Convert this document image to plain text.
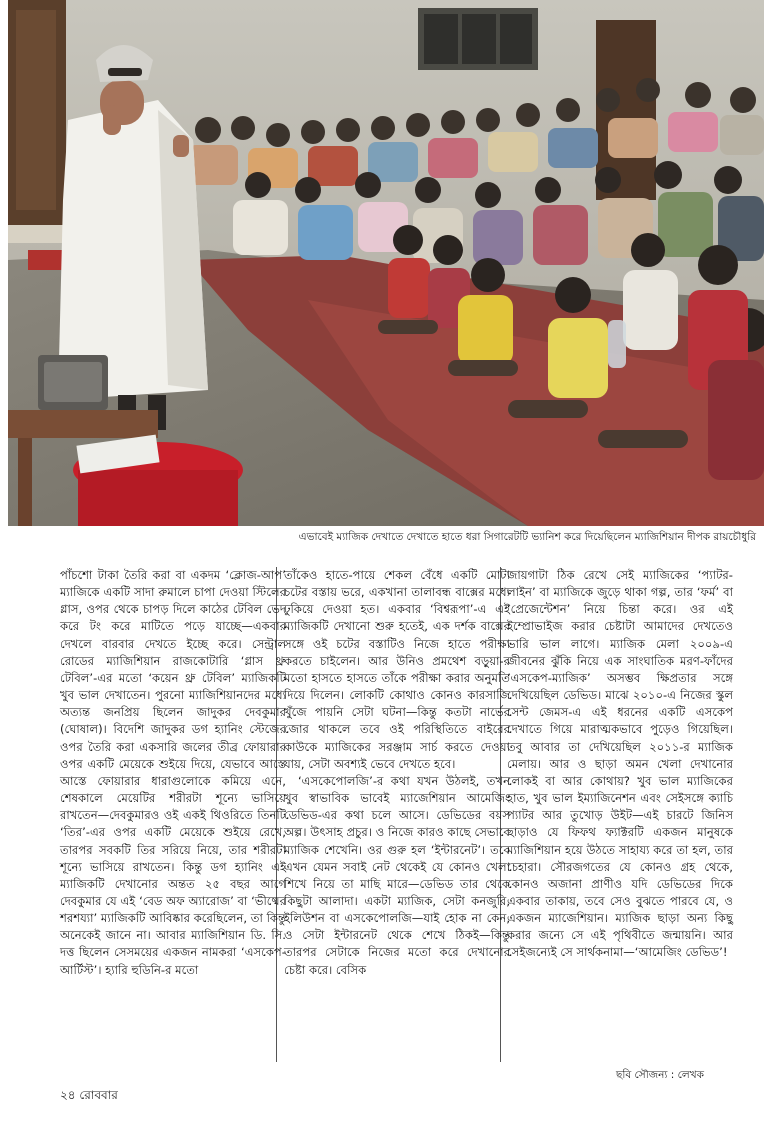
এভাবেই ম্যাজিক দেখাতে দেখাতে হাতে ধরা সিগারেটটি ভ্যানিশ করে দিয়েছিলেন ম্যাজিশিয়ান দীপক রায়চৌধুরি

পাঁচশো টাকা তৈরি করা বা একদম ‘ক্লোজ-আপ’ ম্যাজিকে একটি সাদা রুমালে চাপা দেওয়া স্টিলের গ্লাস, ওপর থেকে চাপড় দিলে কাঠের টেবিল ভেদ করে টং করে মাটিতে পড়ে যাচ্ছে—একবার দেখলে বারবার দেখতে ইচ্ছে করে। সেন্ট্রাল রোডের ম্যাজিশিয়ান রাজকোটারি ‘গ্লাস থ্রু টেবিল’-এর মতো ‘কয়েন থ্রু টেবিল’ ম্যাজিকটি খুব ভাল দেখাতেন। পুরনো ম্যাজিশিয়ানদের মধ্যে অত্যন্ত জনপ্রিয় ছিলেন জাদুকর দেবকুমার (ঘোষাল)। বিদেশি জাদুকর ডগ হ্যানিং স্টেজের ওপর তৈরি করা একসারি জলের তীব্র ফোয়ারার ওপর একটি মেয়েকে শুইয়ে দিয়ে, যেভাবে আস্তে আস্তে ফোয়ারার ধারাগুলোকে কমিয়ে এনে, শেষকালে মেয়েটির শরীরটা শূন্যে ভাসিয়ে রাখতেন—দেবকুমারও ওই একই থিওরিতে তিনটি ‘তির’-এর ওপর একটি মেয়েকে শুইয়ে রেখে, তারপর সবকটি তির সরিয়ে নিয়ে, তার শরীরটা শূন্যে ভাসিয়ে রাখতেন। কিন্তু ডগ হ্যানিং এই ম্যাজিকটি দেখানোর অন্তত ২৫ বছর আগে দেবকুমার যে এই ‘বেড অফ অ্যারোজ’ বা ‘ভীষ্মের শরশয্যা’ ম্যাজিকটি আবিষ্কার করেছিলেন, তা কিন্তু অনেকেই জানে না। আবার ম্যাজিশিয়ান ডি. সি. দত্ত ছিলেন সেসময়ের একজন নামকরা ‘এসকেপ-আর্টিস্ট’। হ্যারি হুডিনি-র মতো

তাঁকেও হাতে-পায়ে শেকল বেঁধে একটি মোটা চটের বস্তায় ভরে, একখানা তালাবন্ধ বাক্সের মধ্যে ঢুকিয়ে দেওয়া হত। একবার ‘বিশ্বরূপা’-এ এই ম্যাজিকটি দেখানো শুরু হতেই, এক দর্শক বাক্সের সঙ্গে ওই চটের বস্তাটিও নিজে হাতে পরীক্ষা করতে চাইলেন। আর উনিও প্রমথেশ বড়ুয়া-র মতো হাসতে হাসতে তাঁকে পরীক্ষা করার অনুমতি দিয়ে দিলেন। লোকটি কোথাও কোনও কারসাজি খুঁজে পায়নি সেটা ঘটনা—কিন্তু কতটা নার্ভের জোর থাকলে তবে ওই পরিস্থিতিতে বাইরের কাউকে ম্যাজিকের সরঞ্জাম সার্চ করতে দেওয়া যায়, সেটা অবশ্যই ভেবে দেখতে হবে।

‘এসকেপোলজি’-র কথা যখন উঠলই, তখন খুব স্বাভাবিক ভাবেই ম্যাজেশিয়ান আমেজিং ডেভিড-এর কথা চলে আসে। ডেভিডের বয়স অল্প। উৎসাহ প্রচুর। ও নিজে কারও কাছে সেভাবে ম্যাজিক শেখেনি। ওর গুরু হল ‘ইন্টারনেট’। তবে এখন যেমন সবাই নেট থেকেই যে কোনও খেলা শিখে নিয়ে তা মাছি মারে—ডেভিড তার থেকে কিছুটা আলাদা। একটা ম্যাজিক, সেটা কনজুরি, ইলিউশন বা এসকেপোলজি—যাই হোক না কেন, ও সেটা ইন্টারনেট থেকে শেখে ঠিকই—কিন্তু তারপর সেটাকে নিজের মতো করে দেখানোর চেষ্টা করে। বেসিক

জায়গাটা ঠিক রেখে সেই ম্যাজিকের ‘প্যাটর-লাইন’ বা ম্যাজিকে জুড়ে থাকা গল্প, তার ‘ফর্ম’ বা ‘প্রেজেন্টেশন’ নিয়ে চিন্তা করে। ওর এই ইম্প্রোভাইজ করার চেষ্টাটা আমাদের দেখতেও ভারি ভাল লাগে। ম্যাজিক মেলা ২০০৯-এ জীবনের ঝুঁকি নিয়ে এক সাংঘাতিক মরণ-ফাঁদের ‘এসকেপ-ম্যাজিক’ অসম্ভব ক্ষিপ্রতার সঙ্গে দেখিয়েছিল ডেভিড। মাঝে ২০১০-এ নিজের স্কুল সেন্ট জেমস-এ এই ধরনের একটি এসকেপ দেখাতে গিয়ে মারাত্মকভাবে পুড়েও গিয়েছিল। তবু আবার তা দেখিয়েছিল ২০১১-র ম্যাজিক মেলায়। আর ও ছাড়া অমন খেলা দেখানোর লোকই বা আর কোথায়? খুব ভাল ম্যাজিকের হাত, খুব ভাল ইম্যাজিনেশন এবং সেইসঙ্গে ক্যাচি প্যাটর আর তুখোড় উইট—এই চারটে জিনিস ছাড়াও যে ফিফথ ফ্যাক্টরটি একজন মানুষকে ম্যাজিশিয়ান হয়ে উঠতে সাহায্য করে তা হল, তার চেহারা। সৌরজগতের যে কোনও গ্রহ থেকে, কোনও অজানা প্রাণীও যদি ডেভিডের দিকে একবার তাকায়, তবে সেও বুঝতে পারবে যে, ও একজন ম্যাজেশিয়ান। ম্যাজিক ছাড়া অন্য কিছু করার জন্যে সে এই পৃথিবীতে জন্মায়নি। আর সেইজন্যেই সে সার্থকনামা—‘আমেজিং ডেভিড’!

ছবি সৌজন্য : লেখক
২৪ রোববার
